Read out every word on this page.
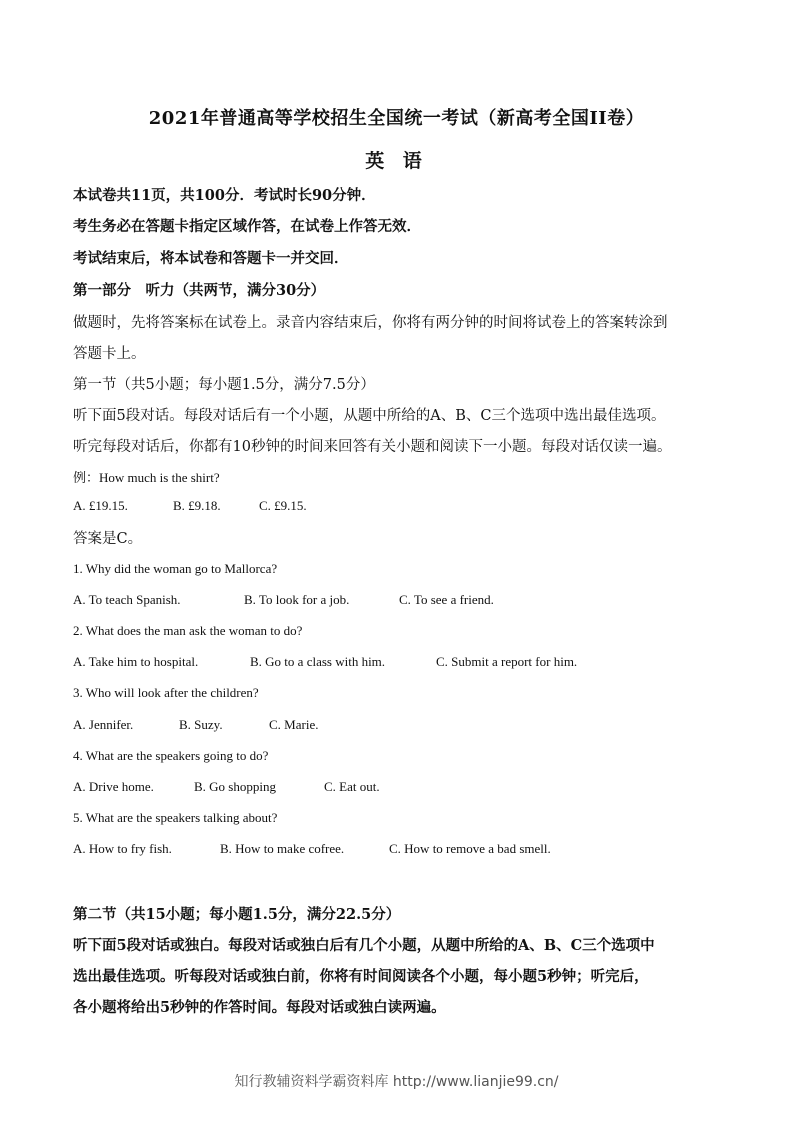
2021年普通高等学校招生全国统一考试（新高考全国II卷）
英 语
本试卷共11页，共100分．考试时长90分钟．
考生务必在答题卡指定区域作答，在试卷上作答无效．
考试结束后，将本试卷和答题卡一并交回．
第一部分　听力（共两节，满分30分）
做题时，先将答案标在试卷上。录音内容结束后，你将有两分钟的时间将试卷上的答案转涂到
答题卡上。
第一节（共5小题；每小题1.5分，满分7.5分）
听下面5段对话。每段对话后有一个小题，从题中所给的A、B、C三个选项中选出最佳选项。
听完每段对话后，你都有10秒钟的时间来回答有关小题和阅读下一小题。每段对话仅读一遍。
例：How much is the shirt?
A. £19.15.	B. £9.18.	C. £9.15.
答案是C。
1. Why did the woman go to Mallorca?
A. To teach Spanish.	B. To look for a job.	C. To see a friend.
2. What does the man ask the woman to do?
A. Take him to hospital.	B. Go to a class with him.	C. Submit a report for him.
3. Who will look after the children?
A. Jennifer.	B. Suzy.	C. Marie.
4. What are the speakers going to do?
A. Drive home.	B. Go shopping	C. Eat out.
5. What are the speakers talking about?
A. How to fry fish.	B. How to make cofree.	C. How to remove a bad smell.
第二节（共15小题；每小题1.5分，满分22.5分）
听下面5段对话或独白。每段对话或独白后有几个小题，从题中所给的A、B、C三个选项中
选出最佳选项。听每段对话或独白前，你将有时间阅读各个小题，每小题5秒钟；听完后，
各小题将给出5秒钟的作答时间。每段对话或独白读两遍。
知行教辅资料学霸资料库 http://www.lianjie99.cn/
